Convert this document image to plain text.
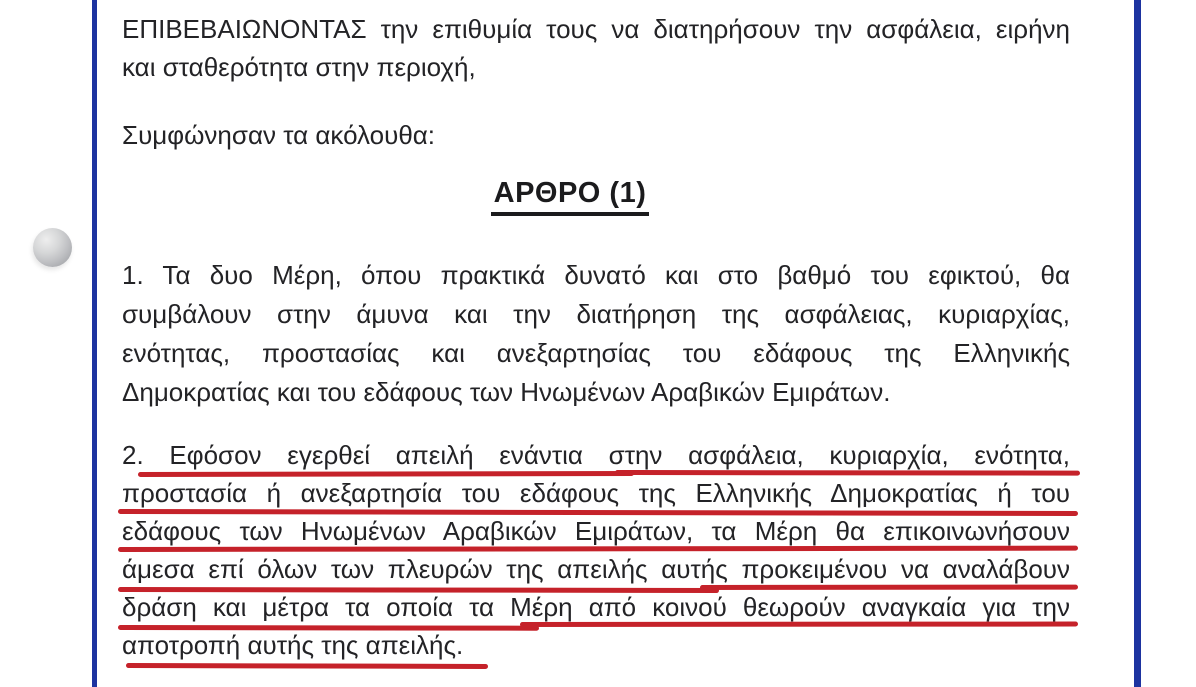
ΕΠΙΒΕΒΑΙΩΝΟΝΤΑΣ την επιθυμία τους να διατηρήσουν την ασφάλεια, ειρήνη
και σταθερότητα στην περιοχή,
Συμφώνησαν τα ακόλουθα:
ΑΡΘΡΟ (1)
1. Τα δυο Μέρη, όπου πρακτικά δυνατό και στο βαθμό του εφικτού, θα
συμβάλουν στην άμυνα και την διατήρηση της ασφάλειας, κυριαρχίας,
ενότητας, προστασίας και ανεξαρτησίας του εδάφους της Ελληνικής
Δημοκρατίας και του εδάφους των Ηνωμένων Αραβικών Εμιράτων.
2. Εφόσον εγερθεί απειλή ενάντια στην ασφάλεια, κυριαρχία, ενότητα,
προστασία ή ανεξαρτησία του εδάφους της Ελληνικής Δημοκρατίας ή του
εδάφους των Ηνωμένων Αραβικών Εμιράτων, τα Μέρη θα επικοινωνήσουν
άμεσα επί όλων των πλευρών της απειλής αυτής προκειμένου να αναλάβουν
δράση και μέτρα τα οποία τα Μέρη από κοινού θεωρούν αναγκαία για την
αποτροπή αυτής της απειλής.
